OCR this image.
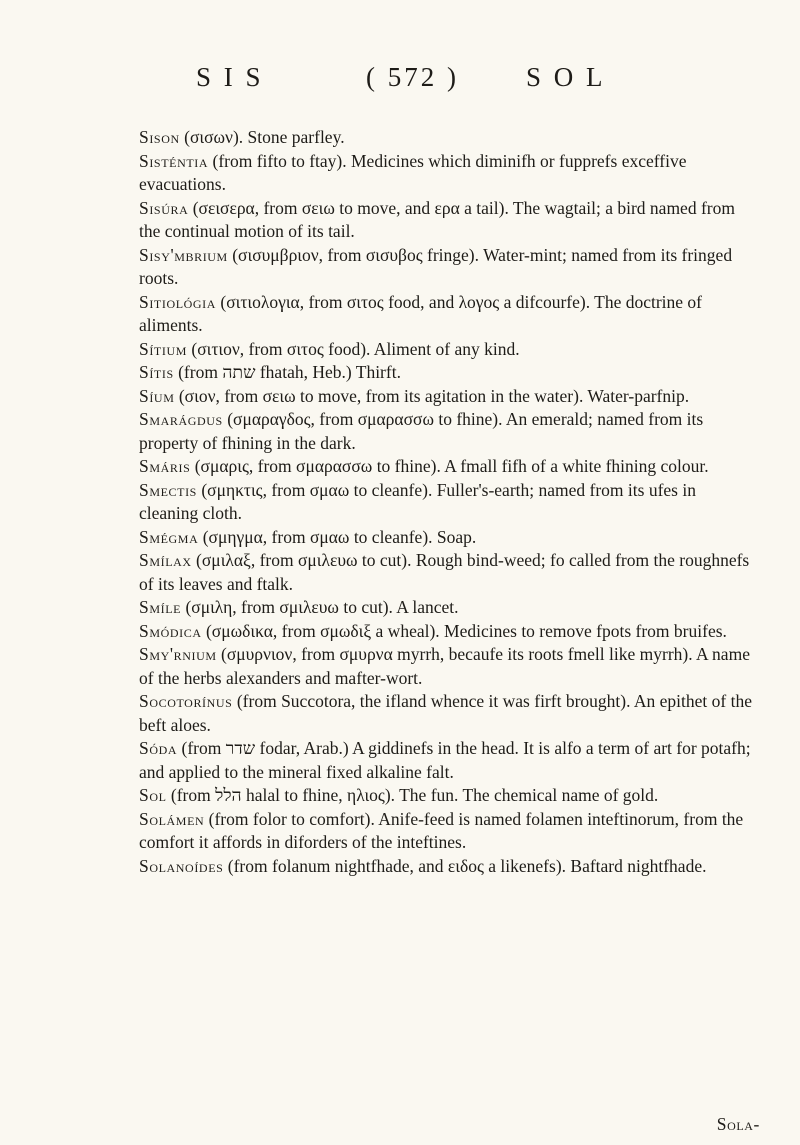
S I S	( 572 ) S O L

Sison (σισων). Stone parfley.

Sisténtia (from fifto to ftay). Medicines which diminifh or fupprefs exceffive evacuations.

Sisúra (σεισερα, from σειω to move, and ερα a tail). The wagtail; a bird named from the continual motion of its tail.

Sisy'mbrium (σισυμβριον, from σισυβος fringe). Water-mint; named from its fringed roots.

Sitiológia (σιτιολογια, from σιτος food, and λογος a difcourfe). The doctrine of aliments.

Sítium (σιτιον, from σιτος food). Aliment of any kind.

Sítis (from שתה fhatah, Heb.) Thirft.

Síum (σιον, from σειω to move, from its agitation in the water). Water-parfnip.

Smarágdus (σμαραγδος, from σμαρασσω to fhine). An emerald; named from its property of fhining in the dark.

Smáris (σμαρις, from σμαρασσω to fhine). A fmall fifh of a white fhining colour.

Smectis (σμηκτις, from σμαω to cleanfe). Fuller's-earth; named from its ufes in cleaning cloth.

Smégma (σμηγμα, from σμαω to cleanfe). Soap.

Smílax (σμιλαξ, from σμιλευω to cut). Rough bind-weed; fo called from the roughnefs of its leaves and ftalk.

Smíle (σμιλη, from σμιλευω to cut). A lancet.

Smódica (σμωδικα, from σμωδιξ a wheal). Medicines to remove fpots from bruifes.

Smy'rnium (σμυρνιον, from σμυρνα myrrh, becaufe its roots fmell like myrrh). A name of the herbs alexanders and mafter-wort.

Socotorínus (from Succotora, the ifland whence it was firft brought). An epithet of the beft aloes.

Sóda (from שדר fodar, Arab.) A giddinefs in the head. It is alfo a term of art for potafh; and applied to the mineral fixed alkaline falt.

Sol (from הלל halal to fhine, ηλιος). The fun. The chemical name of gold.

Solámen (from folor to comfort). Anife-feed is named folamen inteftinorum, from the comfort it affords in diforders of the inteftines.

Solanoídes (from folanum nightfhade, and ειδος a likenefs). Baftard nightfhade.

Sola-
